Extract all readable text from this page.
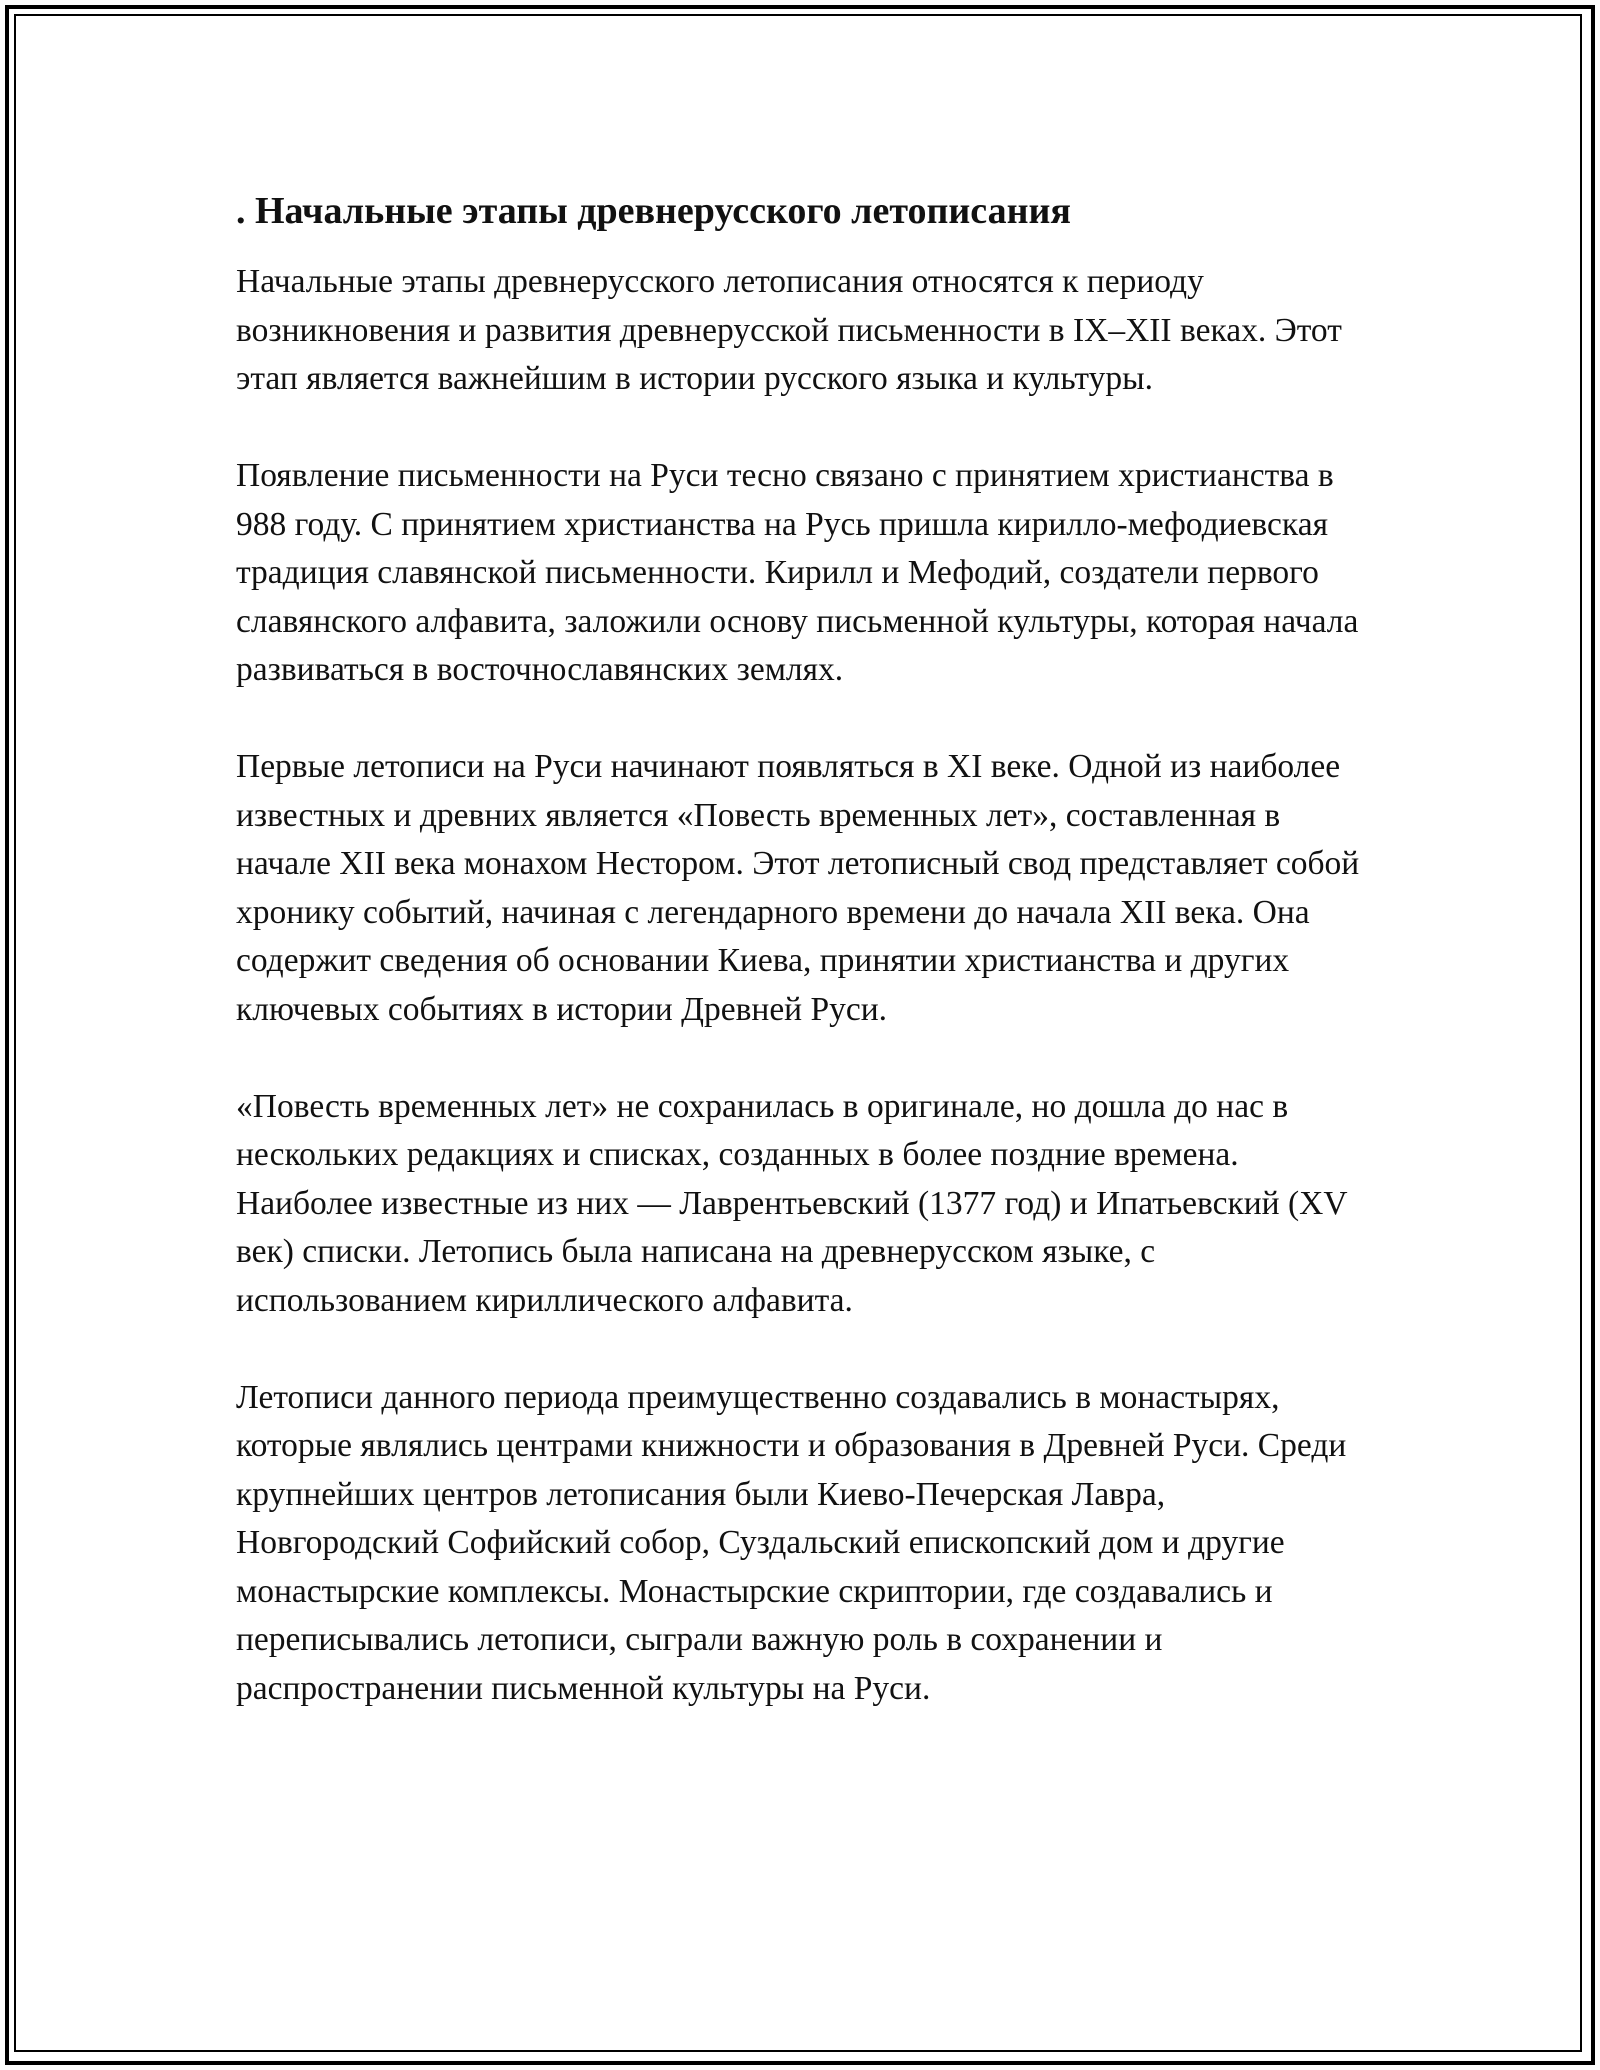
. Начальные этапы древнерусского летописания

Начальные этапы древнерусского летописания относятся к периоду возникновения и развития древнерусской письменности в IX–XII веках. Этот этап является важнейшим в истории русского языка и культуры.

Появление письменности на Руси тесно связано с принятием христианства в 988 году. С принятием христианства на Русь пришла кирилло-мефодиевская традиция славянской письменности. Кирилл и Мефодий, создатели первого славянского алфавита, заложили основу письменной культуры, которая начала развиваться в восточнославянских землях.

Первые летописи на Руси начинают появляться в XI веке. Одной из наиболее известных и древних является «Повесть временных лет», составленная в начале XII века монахом Нестором. Этот летописный свод представляет собой хронику событий, начиная с легендарного времени до начала XII века. Она содержит сведения об основании Киева, принятии христианства и других ключевых событиях в истории Древней Руси.

«Повесть временных лет» не сохранилась в оригинале, но дошла до нас в нескольких редакциях и списках, созданных в более поздние времена. Наиболее известные из них — Лаврентьевский (1377 год) и Ипатьевский (XV век) списки. Летопись была написана на древнерусском языке, с использованием кириллического алфавита.

Летописи данного периода преимущественно создавались в монастырях, которые являлись центрами книжности и образования в Древней Руси. Среди крупнейших центров летописания были Киево-Печерская Лавра, Новгородский Софийский собор, Суздальский епископский дом и другие монастырские комплексы. Монастырские скриптории, где создавались и переписывались летописи, сыграли важную роль в сохранении и распространении письменной культуры на Руси.
